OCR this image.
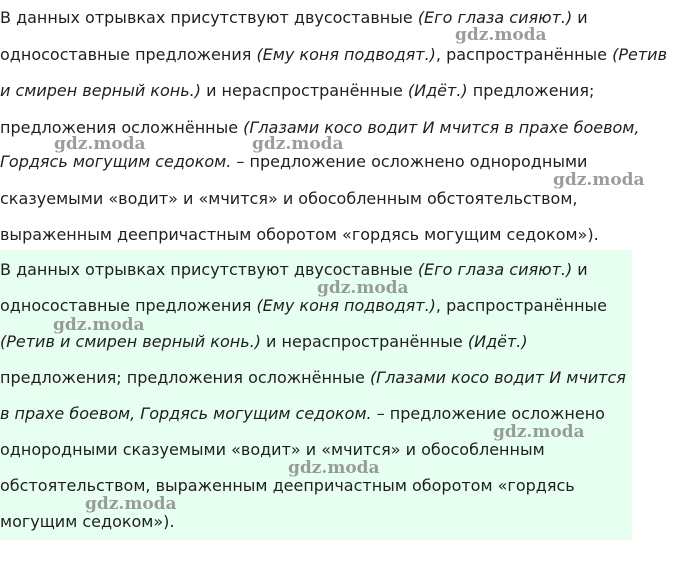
В данных отрывках присутствуют двусоставные (Его глаза сияют.) и
односоставные предложения (Ему коня подводят.), распространённые (Ретив
и смирен верный конь.) и нераспространённые (Идёт.) предложения;
предложения осложнённые (Глазами косо водит И мчится в прахе боевом,
Гордясь могущим седоком. – предложение осложнено однородными
сказуемыми «водит» и «мчится» и обособленным обстоятельством,
выраженным деепричастным оборотом «гордясь могущим седоком»).
В данных отрывках присутствуют двусоставные (Его глаза сияют.) и
односоставные предложения (Ему коня подводят.), распространённые
(Ретив и смирен верный конь.) и нераспространённые (Идёт.)
предложения; предложения осложнённые (Глазами косо водит И мчится
в прахе боевом, Гордясь могущим седоком. – предложение осложнено
однородными сказуемыми «водит» и «мчится» и обособленным
обстоятельством, выраженным деепричастным оборотом «гордясь
могущим седоком»).
gdz.moda
gdz.moda	gdz.moda
gdz.moda
gdz.moda
gdz.moda
gdz.moda
gdz.moda
gdz.moda
